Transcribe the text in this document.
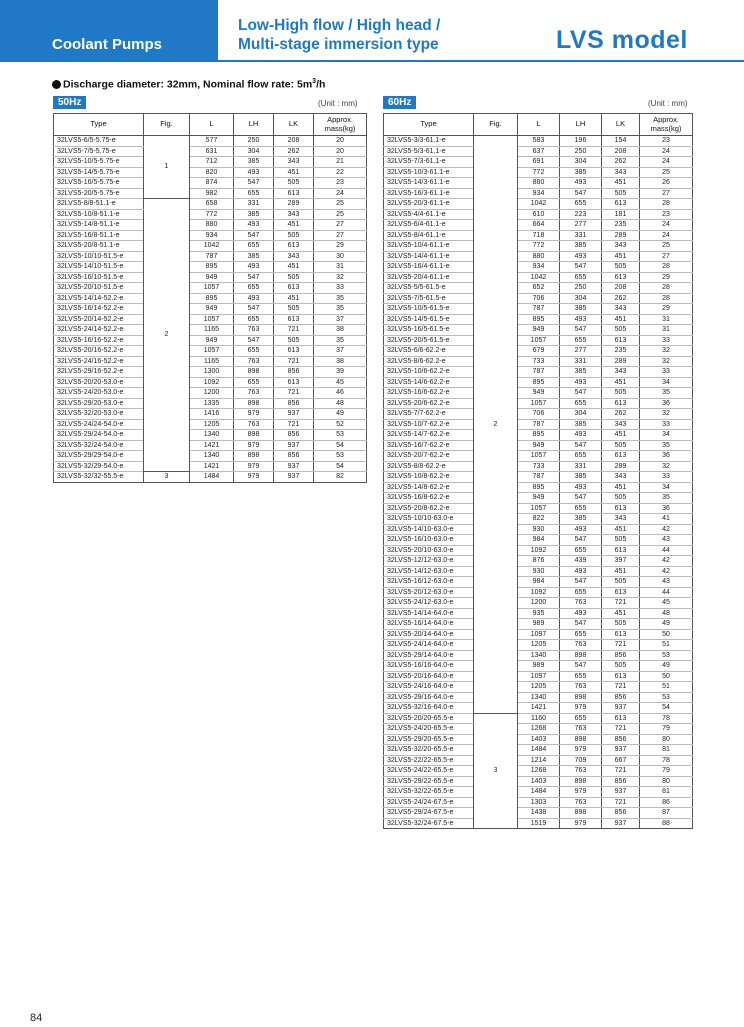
Coolant Pumps
Low-High flow / High head /
Multi-stage immersion type	LVS model
Discharge diameter: 32mm, Nominal flow rate: $5m^3/h$
50Hz	(Unit : mm)
Type	Fig.	L	LH	LK	Approx.
mass(kg)

32LVS5-6/5-5.75-e	1	577	250	208	20
32LVS5-7/5-5.75-e		631	304	262	20
32LVS5-10/5-5.75-e		712	385	343	21
32LVS5-14/5-5.75-e		820	493	451	22
32LVS5-16/5-5.75-e		874	547	505	23
32LVS5-20/5-5.75-e		982	655	613	24
32LVS5-8/8-51.1-e	2	658	331	289	25
32LVS5-10/8-51.1-e		772	385	343	25
32LVS5-14/8-51.1-e		880	493	451	27
32LVS5-16/8-51.1-e		934	547	505	27
32LVS5-20/8-51.1-e		1042	655	613	29
32LVS5-10/10-51.5-e		787	385	343	30
32LVS5-14/10-51.5-e		895	493	451	31
32LVS5-16/10-51.5-e		949	547	505	32
32LVS5-20/10-51.5-e		1057	655	613	33
32LVS5-14/14-52.2-e		895	493	451	35
32LVS5-16/14-52.2-e		949	547	505	35
32LVS5-20/14-52.2-e		1057	655	613	37
32LVS5-24/14-52.2-e		1165	763	721	38
32LVS5-16/16-52.2-e		949	547	505	35
32LVS5-20/16-52.2-e		1057	655	613	37
32LVS5-24/16-52.2-e		1165	763	721	38
32LVS5-29/16-52.2-e		1300	898	856	39
32LVS5-20/20-53.0-e		1092	655	613	45
32LVS5-24/20-53.0-e		1200	763	721	46
32LVS5-29/20-53.0-e		1335	898	856	48
32LVS5-32/20-53.0-e		1416	979	937	49
32LVS5-24/24-54.0-e		1205	763	721	52
32LVS5-29/24-54.0-e		1340	898	856	53
32LVS5-32/24-54.0-e		1421	979	937	54
32LVS5-29/29-54.0-e		1340	898	856	53
32LVS5-32/29-54.0-e		1421	979	937	54
32LVS5-32/32-55.5-e	3	1484	979	937	82
60Hz	(Unit : mm)
Type	Fig.	L	LH	LK	Approx.
mass(kg)

32LVS5-3/3-61.1-e	2	583	196	154	23
32LVS5-5/3-61.1-e		637	250	208	24
32LVS5-7/3-61.1-e		691	304	262	24
32LVS5-10/3-61.1-e		772	385	343	25
32LVS5-14/3-61.1-e		880	493	451	26
32LVS5-16/3-61.1-e		934	547	505	27
32LVS5-20/3-61.1-e		1042	655	613	28
32LVS5-4/4-61.1-e		610	223	181	23
32LVS5-6/4-61.1-e		664	277	235	24
32LVS5-8/4-61.1-e		718	331	289	24
32LVS5-10/4-61.1-e		772	385	343	25
32LVS5-14/4-61.1-e		880	493	451	27
32LVS5-16/4-61.1-e		934	547	505	28
32LVS5-20/4-61.1-e		1042	655	613	29
32LVS5-5/5-61.5-e		652	250	208	28
32LVS5-7/5-61.5-e		706	304	262	28
32LVS5-10/5-61.5-e		787	385	343	29
32LVS5-14/5-61.5-e		895	493	451	31
32LVS5-16/5-61.5-e		949	547	505	31
32LVS5-20/5-61.5-e		1057	655	613	33
32LVS5-6/6-62.2-e		679	277	235	32
32LVS5-8/6-62.2-e		733	331	289	32
32LVS5-10/6-62.2-e		787	385	343	33
32LVS5-14/6-62.2-e		895	493	451	34
32LVS5-16/6-62.2-e		949	547	505	35
32LVS5-20/6-62.2-e		1057	655	613	36
32LVS5-7/7-62.2-e		706	304	262	32
32LVS5-10/7-62.2-e		787	385	343	33
32LVS5-14/7-62.2-e		895	493	451	34
32LVS5-16/7-62.2-e		949	547	505	35
32LVS5-20/7-62.2-e		1057	655	613	36
32LVS5-8/8-62.2-e		733	331	289	32
32LVS5-10/8-62.2-e		787	385	343	33
32LVS5-14/8-62.2-e		895	493	451	34
32LVS5-16/8-62.2-e		949	547	505	35
32LVS5-20/8-62.2-e		1057	655	613	36
32LVS5-10/10-63.0-e		822	385	343	41
32LVS5-14/10-63.0-e		930	493	451	42
32LVS5-16/10-63.0-e		984	547	505	43
32LVS5-20/10-63.0-e		1092	655	613	44
32LVS5-12/12-63.0-e		876	439	397	42
32LVS5-14/12-63.0-e		930	493	451	42
32LVS5-16/12-63.0-e		984	547	505	43
32LVS5-20/12-63.0-e		1092	655	613	44
32LVS5-24/12-63.0-e		1200	763	721	45
32LVS5-14/14-64.0-e		935	493	451	48
32LVS5-16/14-64.0-e		989	547	505	49
32LVS5-20/14-64.0-e		1097	655	613	50
32LVS5-24/14-64.0-e		1205	763	721	51
32LVS5-29/14-64.0-e		1340	898	856	53
32LVS5-16/16-64.0-e		989	547	505	49
32LVS5-20/16-64.0-e		1097	655	613	50
32LVS5-24/16-64.0-e		1205	763	721	51
32LVS5-29/16-64.0-e		1340	898	856	53
32LVS5-32/16-64.0-e		1421	979	937	54
32LVS5-20/20-65.5-e	3	1160	655	613	78
32LVS5-24/20-65.5-e		1268	763	721	79
32LVS5-29/20-65.5-e		1403	898	856	80
32LVS5-32/20-65.5-e		1484	979	937	81
32LVS5-22/22-65.5-e		1214	709	667	78
32LVS5-24/22-65.5-e		1268	763	721	79
32LVS5-29/22-65.5-e		1403	898	856	80
32LVS5-32/22-65.5-e		1484	979	937	81
32LVS5-24/24-67.5-e		1303	763	721	86
32LVS5-29/24-67.5-e		1438	898	856	87
32LVS5-32/24-67.5-e		1519	979	937	88
84
